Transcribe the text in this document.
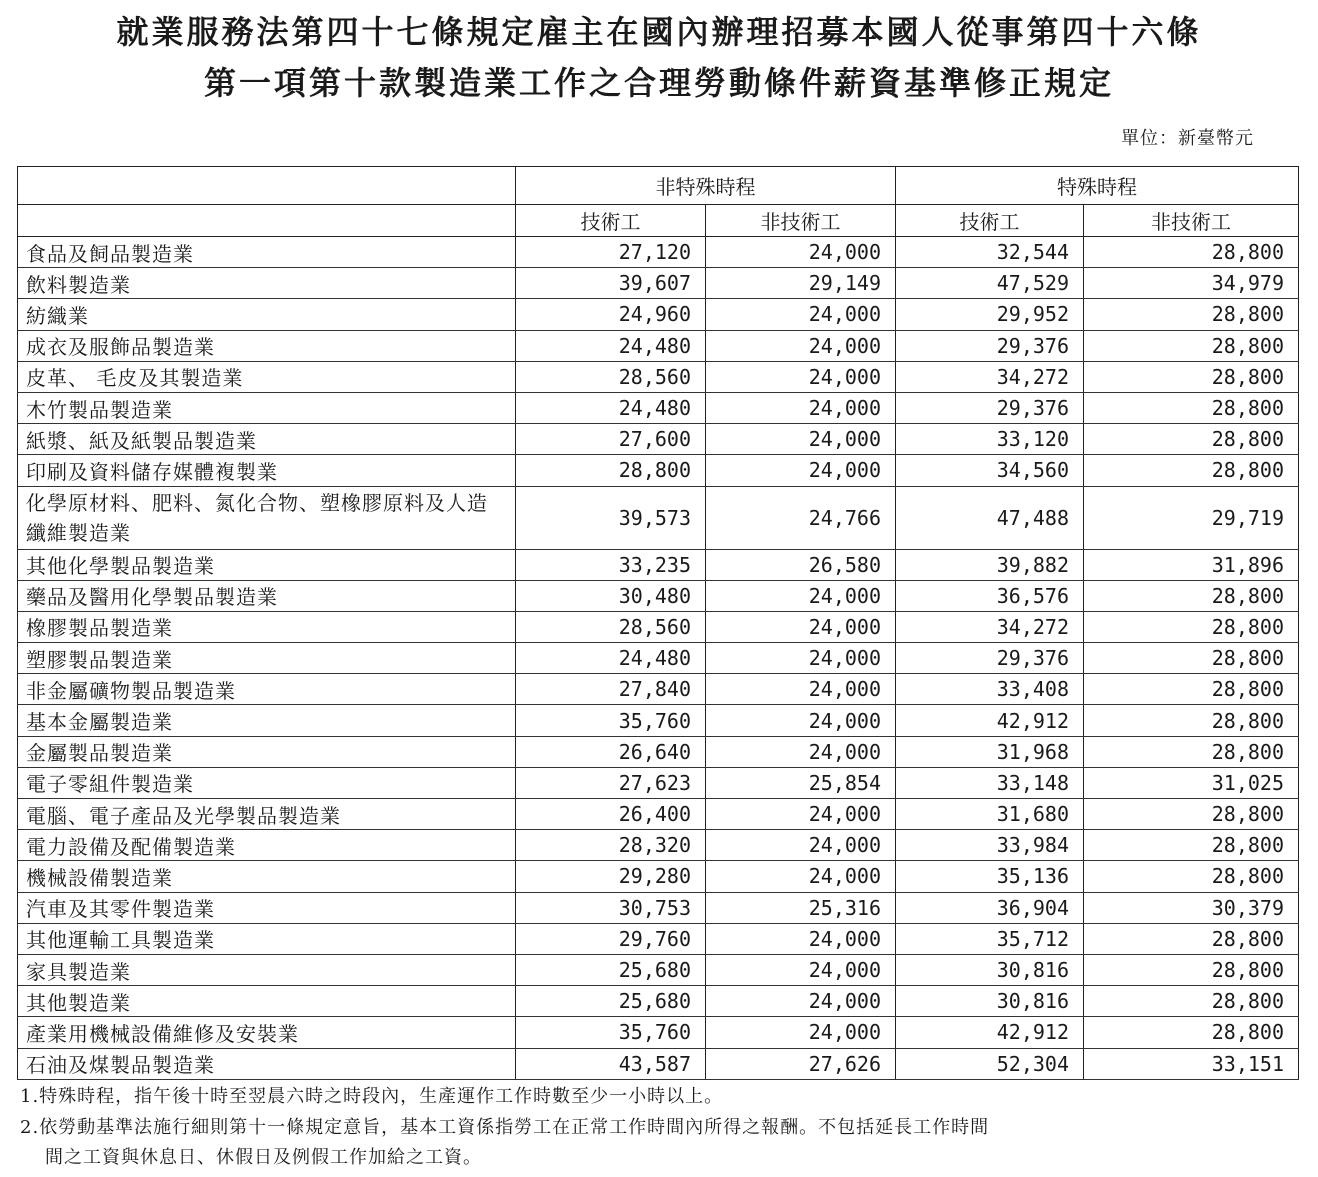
就業服務法第四十七條規定雇主在國內辦理招募本國人從事第四十六條
第一項第十款製造業工作之合理勞動條件薪資基準修正規定
單位：新臺幣元
	非特殊時程		特殊時程	
	技術工	非技術工	技術工	非技術工
食品及飼品製造業	27,120	24,000	32,544	28,800
飲料製造業	39,607	29,149	47,529	34,979
紡織業	24,960	24,000	29,952	28,800
成衣及服飾品製造業	24,480	24,000	29,376	28,800
皮革、 毛皮及其製造業	28,560	24,000	34,272	28,800
木竹製品製造業	24,480	24,000	29,376	28,800
紙漿、紙及紙製品製造業	27,600	24,000	33,120	28,800
印刷及資料儲存媒體複製業	28,800	24,000	34,560	28,800
化學原材料、肥料、氮化合物、塑橡膠原料及人造纖維製造業	39,573	24,766	47,488	29,719
其他化學製品製造業	33,235	26,580	39,882	31,896
藥品及醫用化學製品製造業	30,480	24,000	36,576	28,800
橡膠製品製造業	28,560	24,000	34,272	28,800
塑膠製品製造業	24,480	24,000	29,376	28,800
非金屬礦物製品製造業	27,840	24,000	33,408	28,800
基本金屬製造業	35,760	24,000	42,912	28,800
金屬製品製造業	26,640	24,000	31,968	28,800
電子零組件製造業	27,623	25,854	33,148	31,025
電腦、電子產品及光學製品製造業	26,400	24,000	31,680	28,800
電力設備及配備製造業	28,320	24,000	33,984	28,800
機械設備製造業	29,280	24,000	35,136	28,800
汽車及其零件製造業	30,753	25,316	36,904	30,379
其他運輸工具製造業	29,760	24,000	35,712	28,800
家具製造業	25,680	24,000	30,816	28,800
其他製造業	25,680	24,000	30,816	28,800
產業用機械設備維修及安裝業	35,760	24,000	42,912	28,800
石油及煤製品製造業	43,587	27,626	52,304	33,151
1.特殊時程，指午後十時至翌晨六時之時段內，生產運作工作時數至少一小時以上。
2.依勞動基準法施行細則第十一條規定意旨，基本工資係指勞工在正常工作時間內所得之報酬。不包括延長工作時間
間之工資與休息日、休假日及例假工作加給之工資。
